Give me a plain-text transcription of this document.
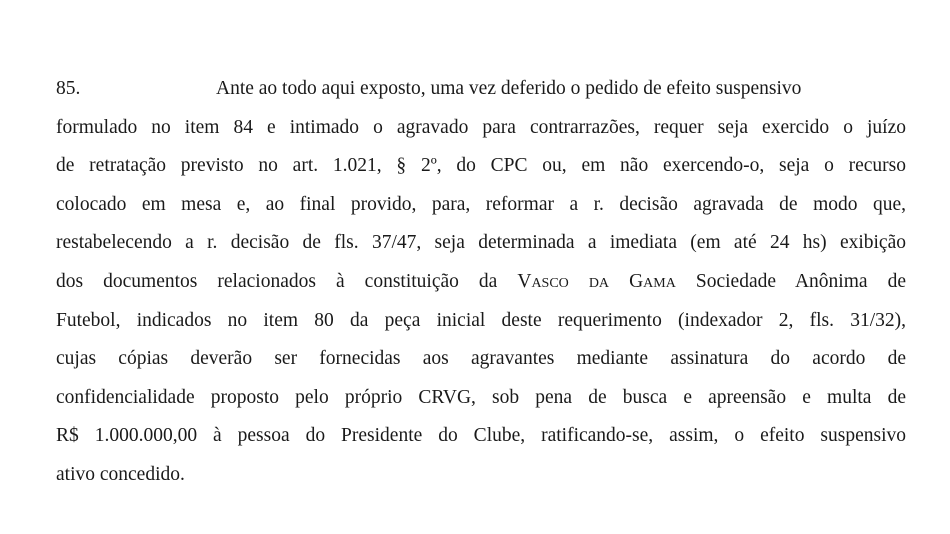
85.	Ante ao todo aqui exposto, uma vez deferido o pedido de efeito suspensivo
formulado no item 84 e intimado o agravado para contrarrazões, requer seja exercido o juízo
de retratação previsto no art. 1.021, § 2º, do CPC ou, em não exercendo-o, seja o recurso
colocado em mesa e, ao final provido, para, reformar a r. decisão agravada de modo que,
restabelecendo a r. decisão de fls. 37/47, seja determinada a imediata (em até 24 hs) exibição
dos documentos relacionados à constituição da Vasco da Gama Sociedade Anônima de
Futebol, indicados no item 80 da peça inicial deste requerimento (indexador 2, fls. 31/32),
cujas cópias deverão ser fornecidas aos agravantes mediante assinatura do acordo de
confidencialidade proposto pelo próprio CRVG, sob pena de busca e apreensão e multa de
R$ 1.000.000,00 à pessoa do Presidente do Clube, ratificando-se, assim, o efeito suspensivo
ativo concedido.
